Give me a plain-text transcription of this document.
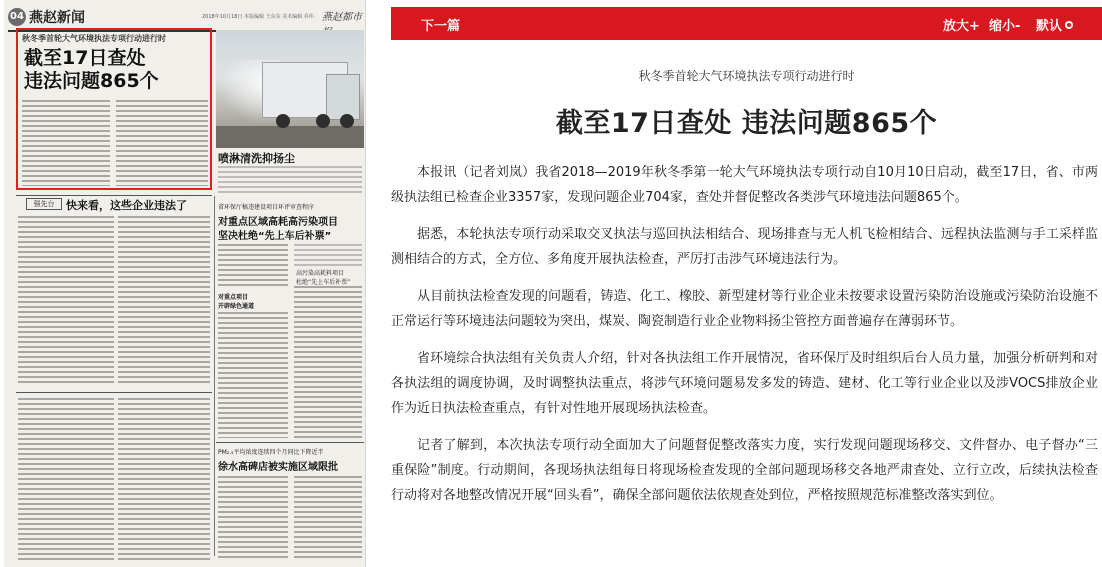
04 燕赵新闻	2018年10月18日 本版编辑 王东东 美术编辑 乔伟 燕赵都市
秋冬季首轮大气环境执法专项行动进行时
截至17日查处
违法问题865个
喷淋清洗抑扬尘
强先台	快来看，这些企业违法了	省环保厅稿违建设项目环评审查程序
对重点区域高耗高污染项目
坚决杜绝“先上车后补票”
高污染高耗料项目
杜绝“先上车后补票”
对重点项目
开辟绿色通道
PM₂.₅平均浓度连续四个月同比下降近半
徐水高碑店被实施区域限批
下一篇	放大+ 缩小- 默认
秋冬季首轮大气环境执法专项行动进行时
截至17日查处 违法问题865个

本报讯（记者刘岚）我省2018—2019年秋冬季第一轮大气环境执法专项行动自10月10日启动，截至17日，省、市两级执法组已检查企业3357家，发现问题企业704家，查处并督促整改各类涉气环境违法问题865个。

据悉，本轮执法专项行动采取交叉执法与巡回执法相结合、现场排查与无人机飞检相结合、远程执法监测与手工采样监测相结合的方式，全方位、多角度开展执法检查，严厉打击涉气环境违法行为。

从目前执法检查发现的问题看，铸造、化工、橡胶、新型建材等行业企业未按要求设置污染防治设施或污染防治设施不正常运行等环境违法问题较为突出，煤炭、陶瓷制造行业企业物料扬尘管控方面普遍存在薄弱环节。

省环境综合执法组有关负责人介绍，针对各执法组工作开展情况，省环保厅及时组织后台人员力量，加强分析研判和对各执法组的调度协调，及时调整执法重点，将涉气环境问题易发多发的铸造、建材、化工等行业企业以及涉VOCS排放企业作为近日执法检查重点，有针对性地开展现场执法检查。

记者了解到，本次执法专项行动全面加大了问题督促整改落实力度，实行发现问题现场移交、文件督办、电子督办“三重保险”制度。行动期间，各现场执法组每日将现场检查发现的全部问题现场移交各地严肃查处、立行立改，后续执法检查行动将对各地整改情况开展“回头看”，确保全部问题依法依规查处到位，严格按照规范标准整改落实到位。
